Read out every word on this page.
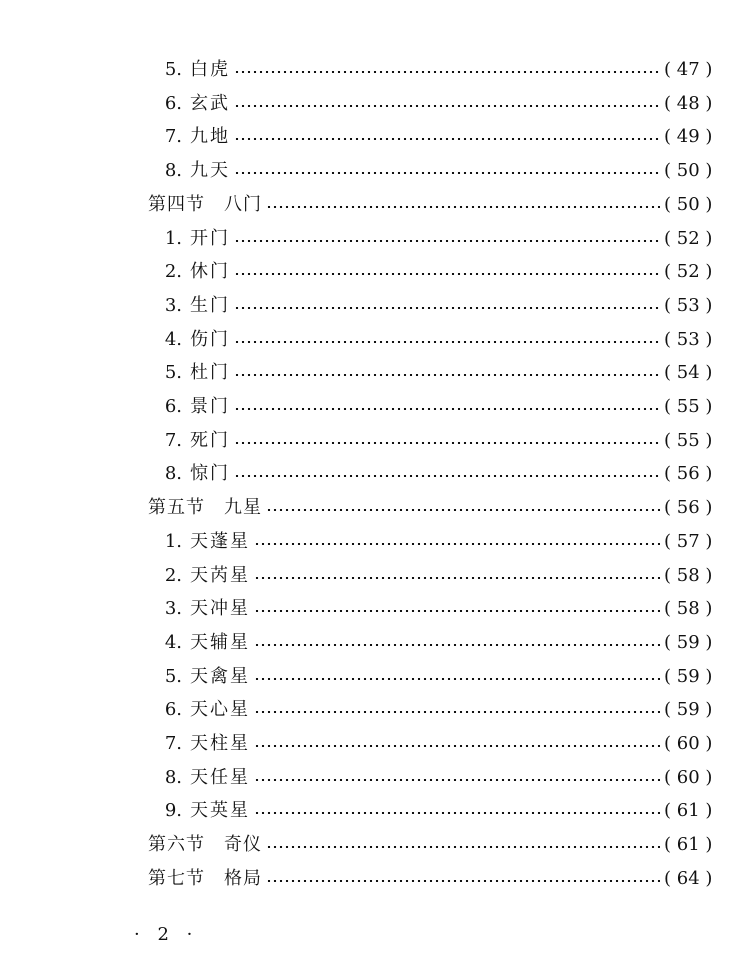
5. 白虎	( 47 )
6. 玄武	( 48 )
7. 九地	( 49 )
8. 九天	( 50 )
第四节　八门	( 50 )
1. 开门	( 52 )
2. 休门	( 52 )
3. 生门	( 53 )
4. 伤门	( 53 )
5. 杜门	( 54 )
6. 景门	( 55 )
7. 死门	( 55 )
8. 惊门	( 56 )
第五节　九星	( 56 )
1. 天蓬星	( 57 )
2. 天芮星	( 58 )
3. 天冲星	( 58 )
4. 天辅星	( 59 )
5. 天禽星	( 59 )
6. 天心星	( 59 )
7. 天柱星	( 60 )
8. 天任星	( 60 )
9. 天英星	( 61 )
第六节　奇仪	( 61 )
第七节　格局	( 64 )
· 2 ·
